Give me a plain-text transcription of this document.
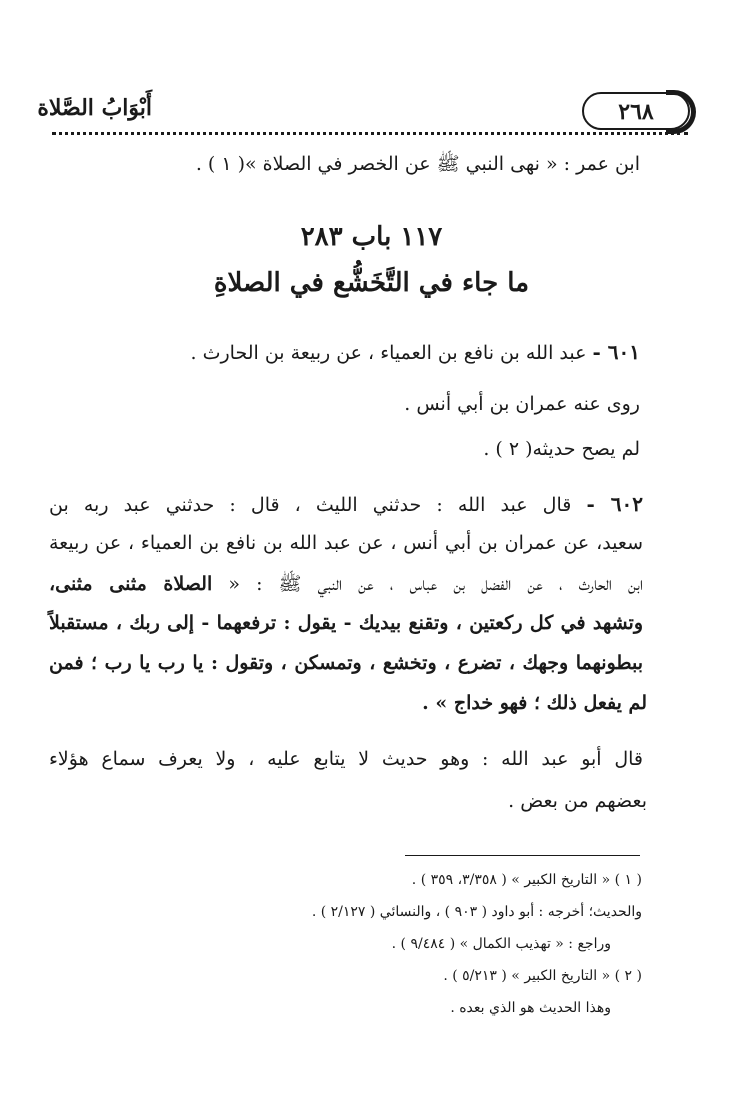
أَبْوَابُ الصَّلاة	٢٦٨
ابن عمر : « نهى النبي ﷺ عن الخصر في الصلاة »( ١ ) .
١١٧ باب ٢٨٣
ما جاء في التَّخَشُّع في الصلاةِ
٦٠١ - عبد الله بن نافع بن العمياء ، عن ربيعة بن الحارث .
روى عنه عمران بن أبي أنس .
لم يصح حديثه( ٢ ) .
٦٠٢ - قال عبد الله : حدثني الليث ، قال : حدثني عبد ربه بن
سعيد، عن عمران بن أبي أنس ، عن عبد الله بن نافع بن العمياء ، عن ربيعة
ابن الحارث ، عن الفضل بن عباس ، عن النبي ﷺ : « الصلاة مثنى مثنى،
وتشهد في كل ركعتين ، وتقنع بيديك - يقول : ترفعهما - إلى ربك ، مستقبلاً
ببطونهما وجهك ، تضرع ، وتخشع ، وتمسكن ، وتقول : يا رب يا رب ؛ فمن
لم يفعل ذلك ؛ فهو خداج » .
قال أبو عبد الله : وهو حديث لا يتابع عليه ، ولا يعرف سماع هؤلاء
بعضهم من بعض .
( ١ ) « التاريخ الكبير » ( ٣/٣٥٨، ٣٥٩ ) .
والحديث؛ أخرجه : أبو داود ( ٩٠٣ ) ، والنسائي ( ٢/١٢٧ ) .
وراجع : « تهذيب الكمال » ( ٩/٤٨٤ ) .
( ٢ ) « التاريخ الكبير » ( ٥/٢١٣ ) .
وهذا الحديث هو الذي بعده .
